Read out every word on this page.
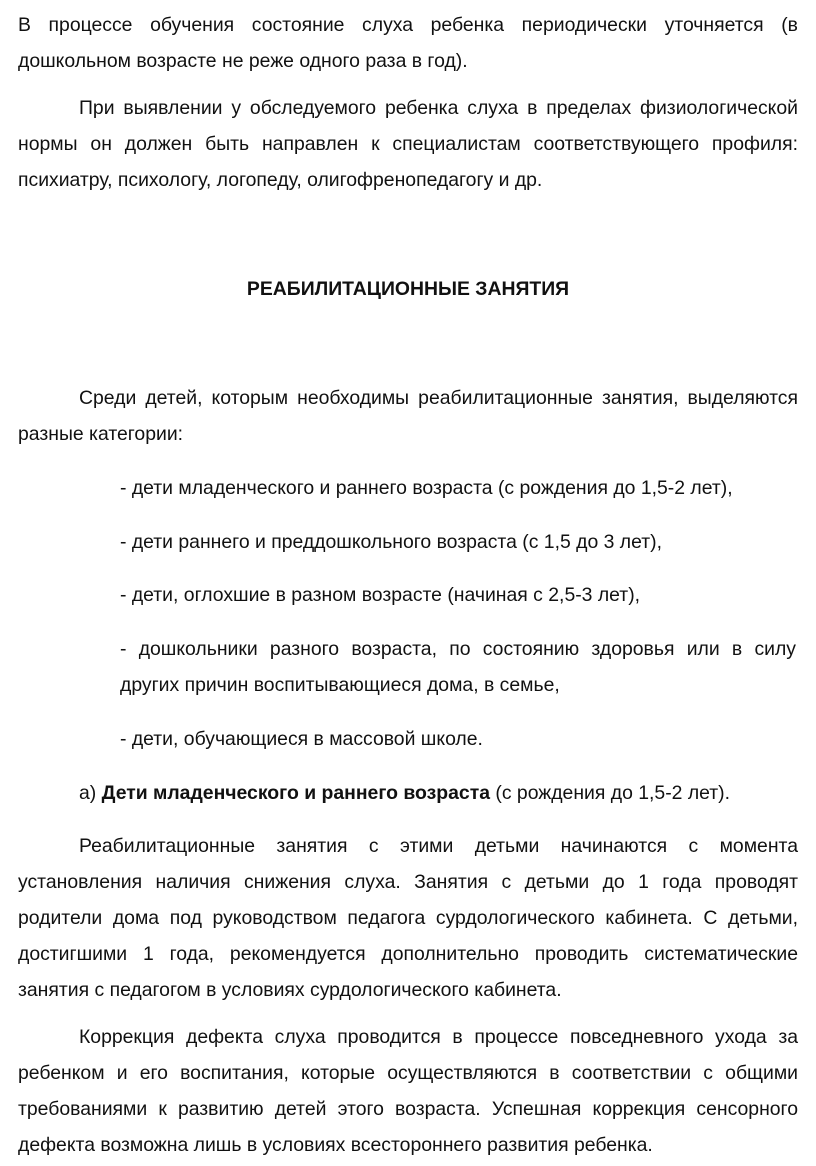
В процессе обучения состояние слуха ребенка периодически уточняется (в дошкольном возрасте не реже одного раза в год).

При выявлении у обследуемого ребенка слуха в пределах физиологической нормы он должен быть направлен к специалистам соответствующего профиля: психиатру, психологу, логопеду, олигофренопедагогу и др.

РЕАБИЛИТАЦИОННЫЕ ЗАНЯТИЯ

Среди детей, которым необходимы реабилитационные занятия, выделяются разные категории:

- дети младенческого и раннего возраста (с рождения до 1,5-2 лет),

- дети раннего и преддошкольного возраста (с 1,5 до 3 лет),

- дети, оглохшие в разном возрасте (начиная с 2,5-3 лет),

- дошкольники разного возраста, по состоянию здоровья или в силу других причин воспитывающиеся дома, в семье,

- дети, обучающиеся в массовой школе.

а) Дети младенческого и раннего возраста (с рождения до 1,5-2 лет).

Реабилитационные занятия с этими детьми начинаются с момента установления наличия снижения слуха. Занятия с детьми до 1 года проводят родители дома под руководством педагога сурдологического кабинета. С детьми, достигшими 1 года, рекомендуется дополнительно проводить систематические занятия с педагогом в условиях сурдологического кабинета.

Коррекция дефекта слуха проводится в процессе повседневного ухода за ребенком и его воспитания, которые осуществляются в соответствии с общими требованиями к развитию детей этого возраста. Успешная коррекция сенсорного дефекта возможна лишь в условиях всестороннего развития ребенка.
